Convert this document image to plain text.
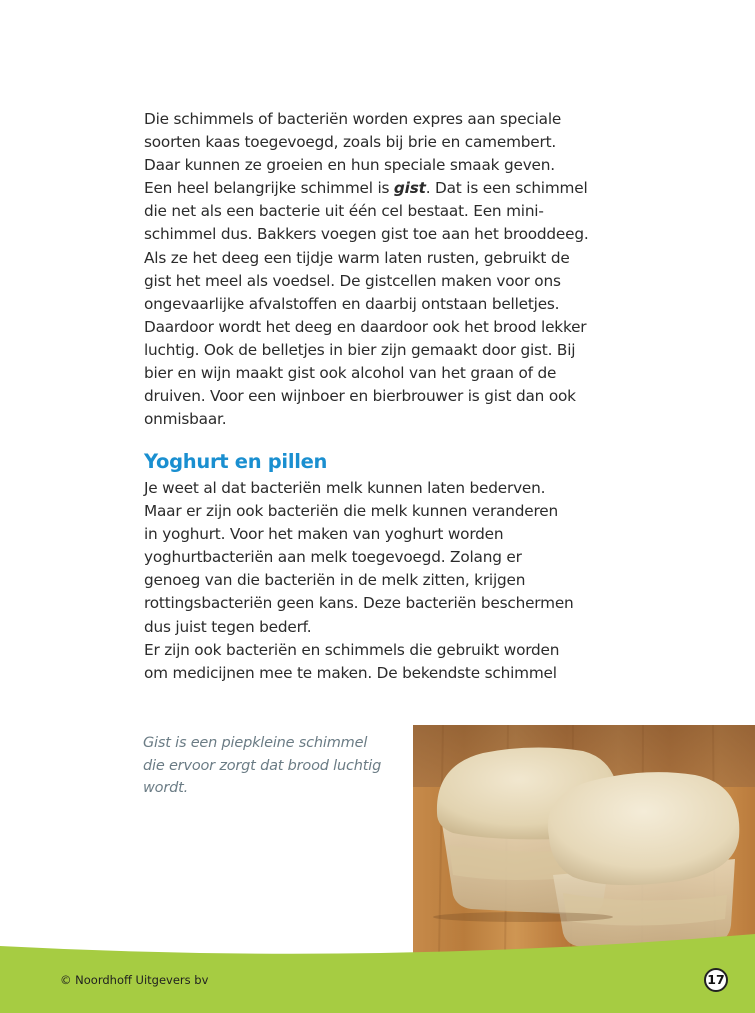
Die schimmels of bacteriën worden expres aan speciale
soorten kaas toegevoegd, zoals bij brie en camembert.
Daar kunnen ze groeien en hun speciale smaak geven.
Een heel belangrijke schimmel is gist. Dat is een schimmel
die net als een bacterie uit één cel bestaat. Een mini-
schimmel dus. Bakkers voegen gist toe aan het brooddeeg.
Als ze het deeg een tijdje warm laten rusten, gebruikt de
gist het meel als voedsel. De gistcellen maken voor ons
ongevaarlijke afvalstoffen en daarbij ontstaan belletjes.
Daardoor wordt het deeg en daardoor ook het brood lekker
luchtig. Ook de belletjes in bier zijn gemaakt door gist. Bij
bier en wijn maakt gist ook alcohol van het graan of de
druiven. Voor een wijnboer en bierbrouwer is gist dan ook
onmisbaar.

Yoghurt en pillen

Je weet al dat bacteriën melk kunnen laten bederven.
Maar er zijn ook bacteriën die melk kunnen veranderen
in yoghurt. Voor het maken van yoghurt worden
yoghurtbacteriën aan melk toegevoegd. Zolang er
genoeg van die bacteriën in de melk zitten, krijgen
rottingsbacteriën geen kans. Deze bacteriën beschermen
dus juist tegen bederf.
Er zijn ook bacteriën en schimmels die gebruikt worden
om medicijnen mee te maken. De bekendste schimmel

Gist is een piepkleine schimmel
die ervoor zorgt dat brood luchtig
wordt.

© Noordhoff Uitgevers bv	17
